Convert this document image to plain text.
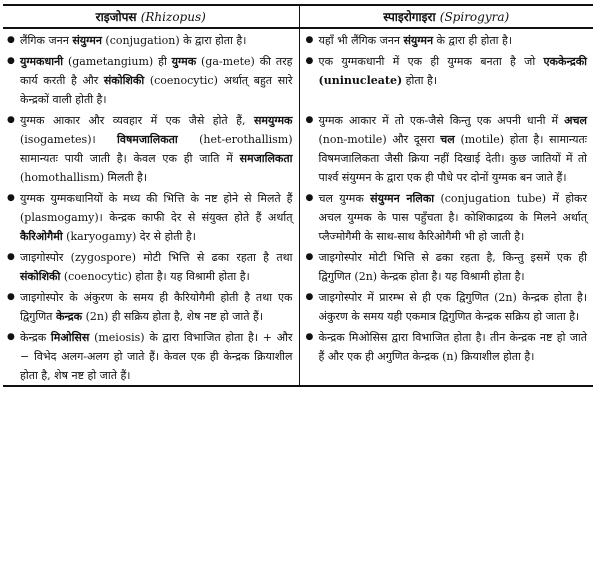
राइजोपस (Rhizopus)	स्पाइरोगाइरा (Spirogyra)

● लैंगिक जनन संयुग्मन (conjugation) के द्वारा होता है।	● यहाँ भी लैंगिक जनन संयुग्मन के द्वारा ही होता है।

● युग्मकधानी (gametangium) ही युग्मक (ga-mete) की तरह कार्य करती है और संकोशिकी (coenocytic) अर्थात् बहुत सारे केन्द्रकों वाली होती है।	● एक युग्मकधानी में एक ही युग्मक बनता है जो एककेन्द्रकी (uninucleate) होता है।

● युग्मक आकार और व्यवहार में एक जैसे होते हैं, समयुग्मक (isogametes)। विषमजालिकता (het-erothallism) सामान्यतः पायी जाती है। केवल एक ही जाति में समजालिकता (homothallism) मिलती है।	● युग्मक आकार में तो एक-जैसे किन्तु एक अपनी धानी में अचल (non-motile) और दूसरा चल (motile) होता है। सामान्यतः विषमजालिकता जैसी क्रिया नहीं दिखाई देती। कुछ जातियों में तो पार्श्व संयुग्मन के द्वारा एक ही पौधे पर दोनों युग्मक बन जाते हैं।

● युग्मक युग्मकधानियों के मध्य की भित्ति के नष्ट होने से मिलते हैं (plasmogamy)। केन्द्रक काफी देर से संयुक्त होते हैं अर्थात् कैरिओगैमी (karyogamy) देर से होती है।	● चल युग्मक संयुग्मन नलिका (conjugation tube) में होकर अचल युग्मक के पास पहुँचता है। कोशिकाद्रव्य के मिलने अर्थात् प्लैज्मोगैमी के साथ-साथ कैरिओगैमी भी हो जाती है।

● जाइगोस्पोर (zygospore) मोटी भित्ति से ढका रहता है तथा संकोशिकी (coenocytic) होता है। यह विश्रामी होता है।	● जाइगोस्पोर मोटी भित्ति से ढका रहता है, किन्तु इसमें एक ही द्विगुणित (2n) केन्द्रक होता है। यह विश्रामी होता है।

● जाइगोस्पोर के अंकुरण के समय ही कैरियोगैमी होती है तथा एक द्विगुणित केन्द्रक (2n) ही सक्रिय होता है, शेष नष्ट हो जाते हैं।	● जाइगोस्पोर में प्रारम्भ से ही एक द्विगुणित (2n) केन्द्रक होता है। अंकुरण के समय यही एकमात्र द्विगुणित केन्द्रक सक्रिय हो जाता है।

● केन्द्रक मिओसिस (meiosis) के द्वारा विभाजित होता है। + और − विभेद अलग-अलग हो जाते हैं। केवल एक ही केन्द्रक क्रियाशील होता है, शेष नष्ट हो जाते हैं।	● केन्द्रक मिओसिस द्वारा विभाजित होता है। तीन केन्द्रक नष्ट हो जाते हैं और एक ही अगुणित केन्द्रक (n) क्रियाशील होता है।
